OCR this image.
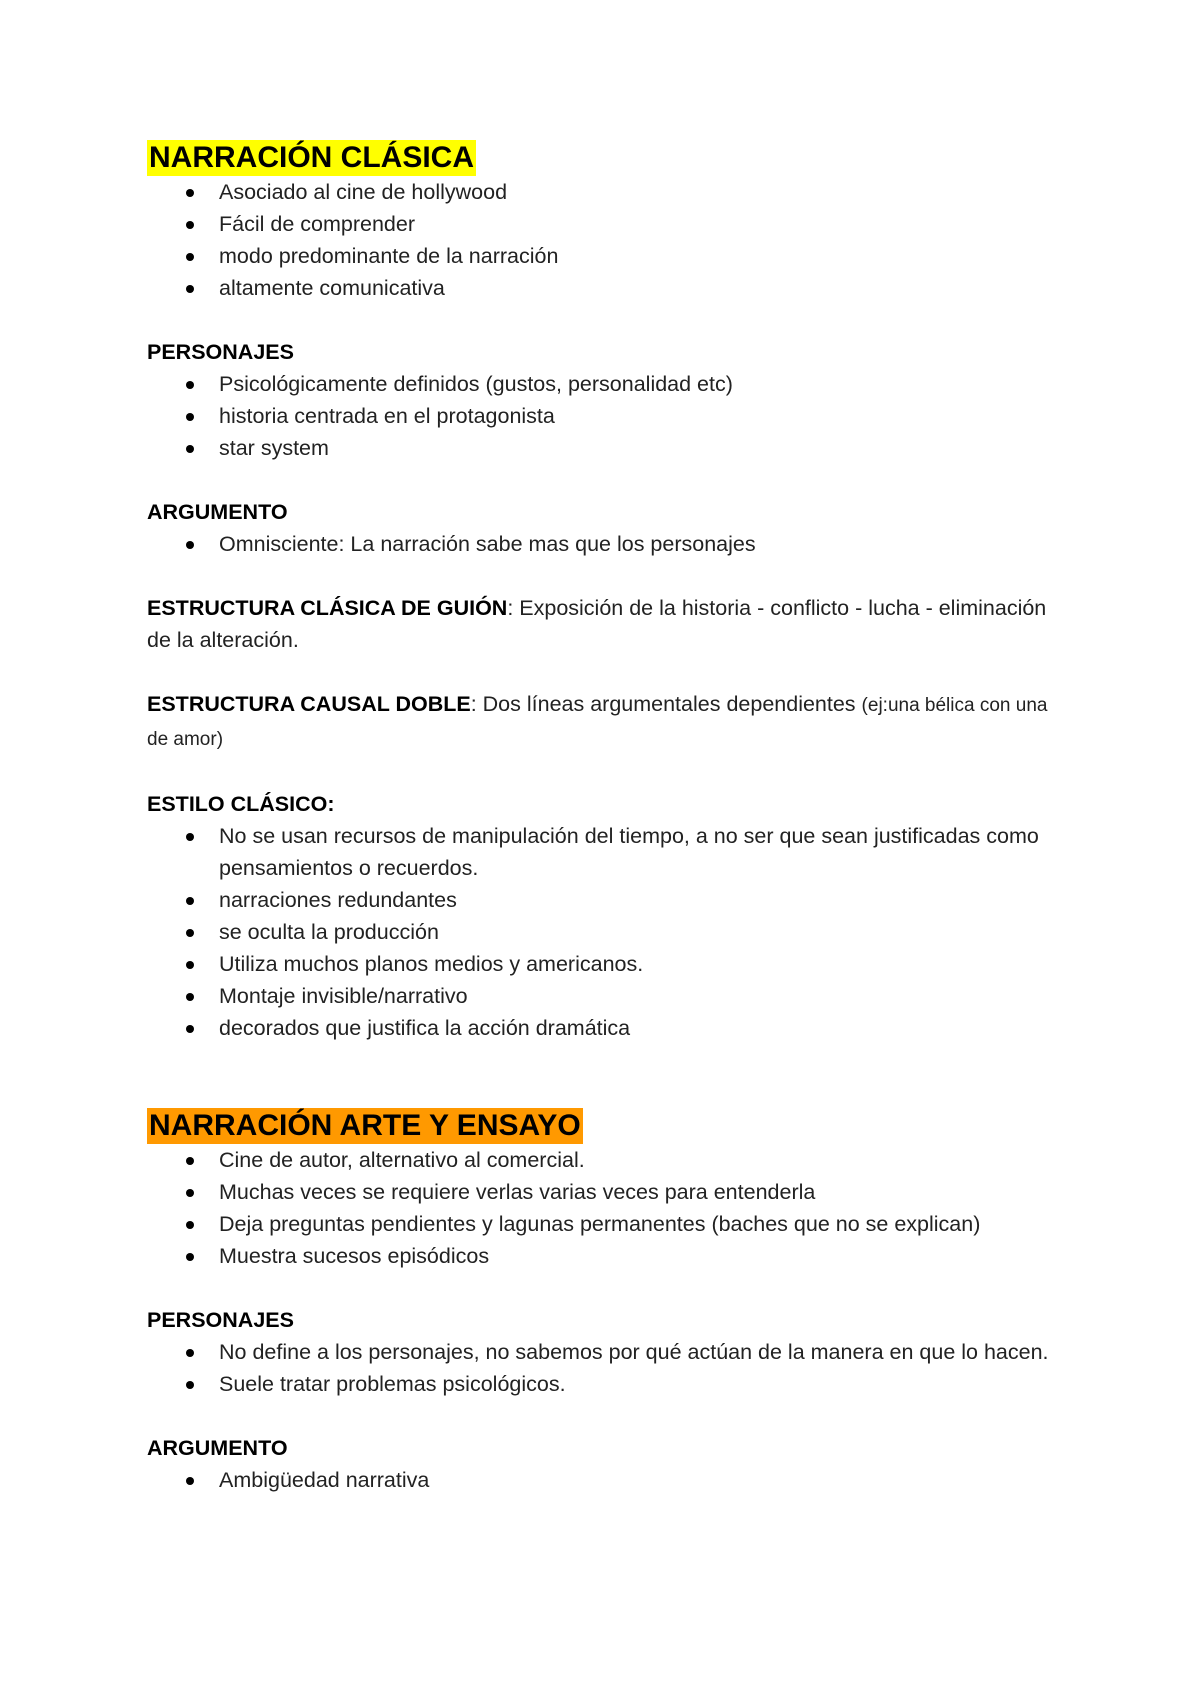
NARRACIÓN CLÁSICA
Asociado al cine de hollywood
Fácil de comprender
modo predominante de la narración
altamente comunicativa
PERSONAJES
Psicológicamente definidos (gustos, personalidad etc)
historia centrada en el protagonista
star system
ARGUMENTO
Omnisciente: La narración sabe mas que los personajes

ESTRUCTURA CLÁSICA DE GUIÓN: Exposición de la historia - conflicto - lucha - eliminación de la alteración.

ESTRUCTURA CAUSAL DOBLE: Dos líneas argumentales dependientes (ej:una bélica con una de amor)

ESTILO CLÁSICO:
No se usan recursos de manipulación del tiempo, a no ser que sean justificadas como pensamientos o recuerdos.
narraciones redundantes
se oculta la producción
Utiliza muchos planos medios y americanos.
Montaje invisible/narrativo
decorados que justifica la acción dramática
NARRACIÓN ARTE Y ENSAYO
Cine de autor, alternativo al comercial.
Muchas veces se requiere verlas varias veces para entenderla
Deja preguntas pendientes y lagunas permanentes (baches que no se explican)
Muestra sucesos episódicos
PERSONAJES
No define a los personajes, no sabemos por qué actúan de la manera en que lo hacen.
Suele tratar problemas psicológicos.
ARGUMENTO
Ambigüedad narrativa
